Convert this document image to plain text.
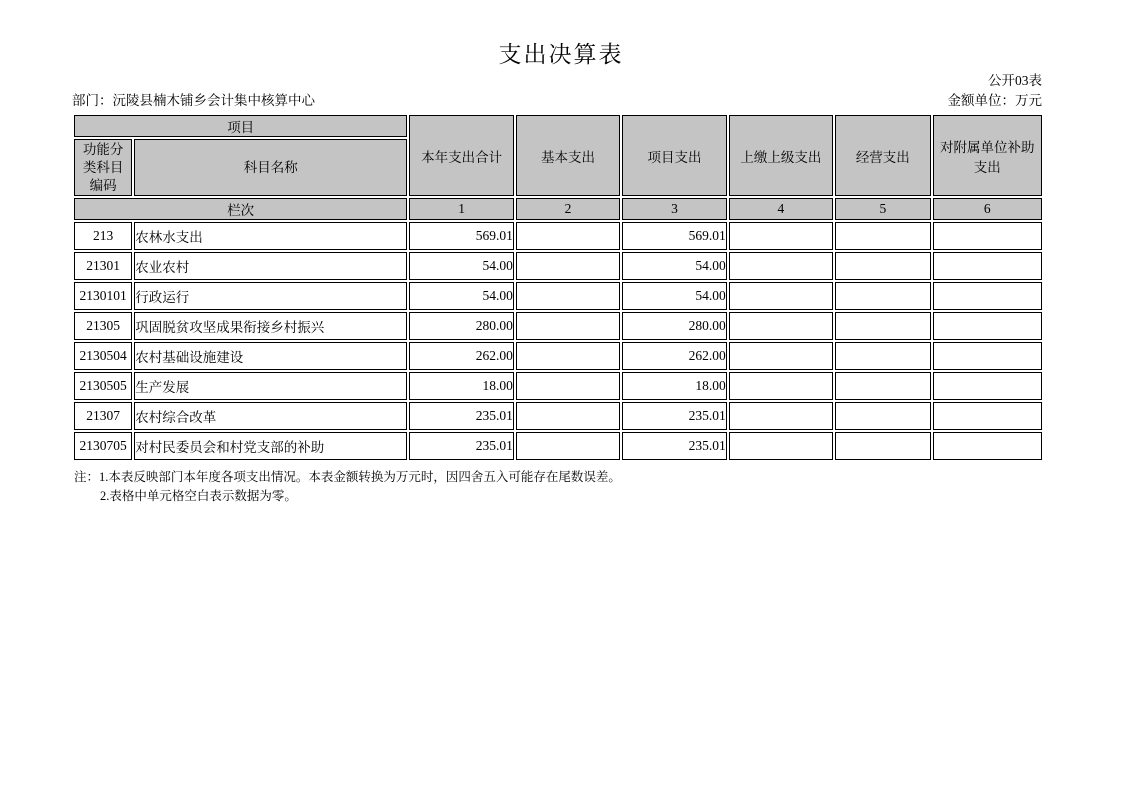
支出决算表
公开03表
部门：沅陵县楠木铺乡会计集中核算中心	金额单位：万元
项目		本年支出合计	基本支出	项目支出	上缴上级支出	经营支出	对附属单位补助支出
功能分类科目编码	科目名称						
栏次		1	2	3	4	5	6
213	农林水支出	569.01		569.01			
21301	农业农村	54.00		54.00			
2130101	行政运行	54.00		54.00			
21305	巩固脱贫攻坚成果衔接乡村振兴	280.00		280.00			
2130504	农村基础设施建设	262.00		262.00			
2130505	生产发展	18.00		18.00			
21307	农村综合改革	235.01		235.01			
2130705	对村民委员会和村党支部的补助	235.01		235.01			
注：1.本表反映部门本年度各项支出情况。本表金额转换为万元时，因四舍五入可能存在尾数误差。
2.表格中单元格空白表示数据为零。
